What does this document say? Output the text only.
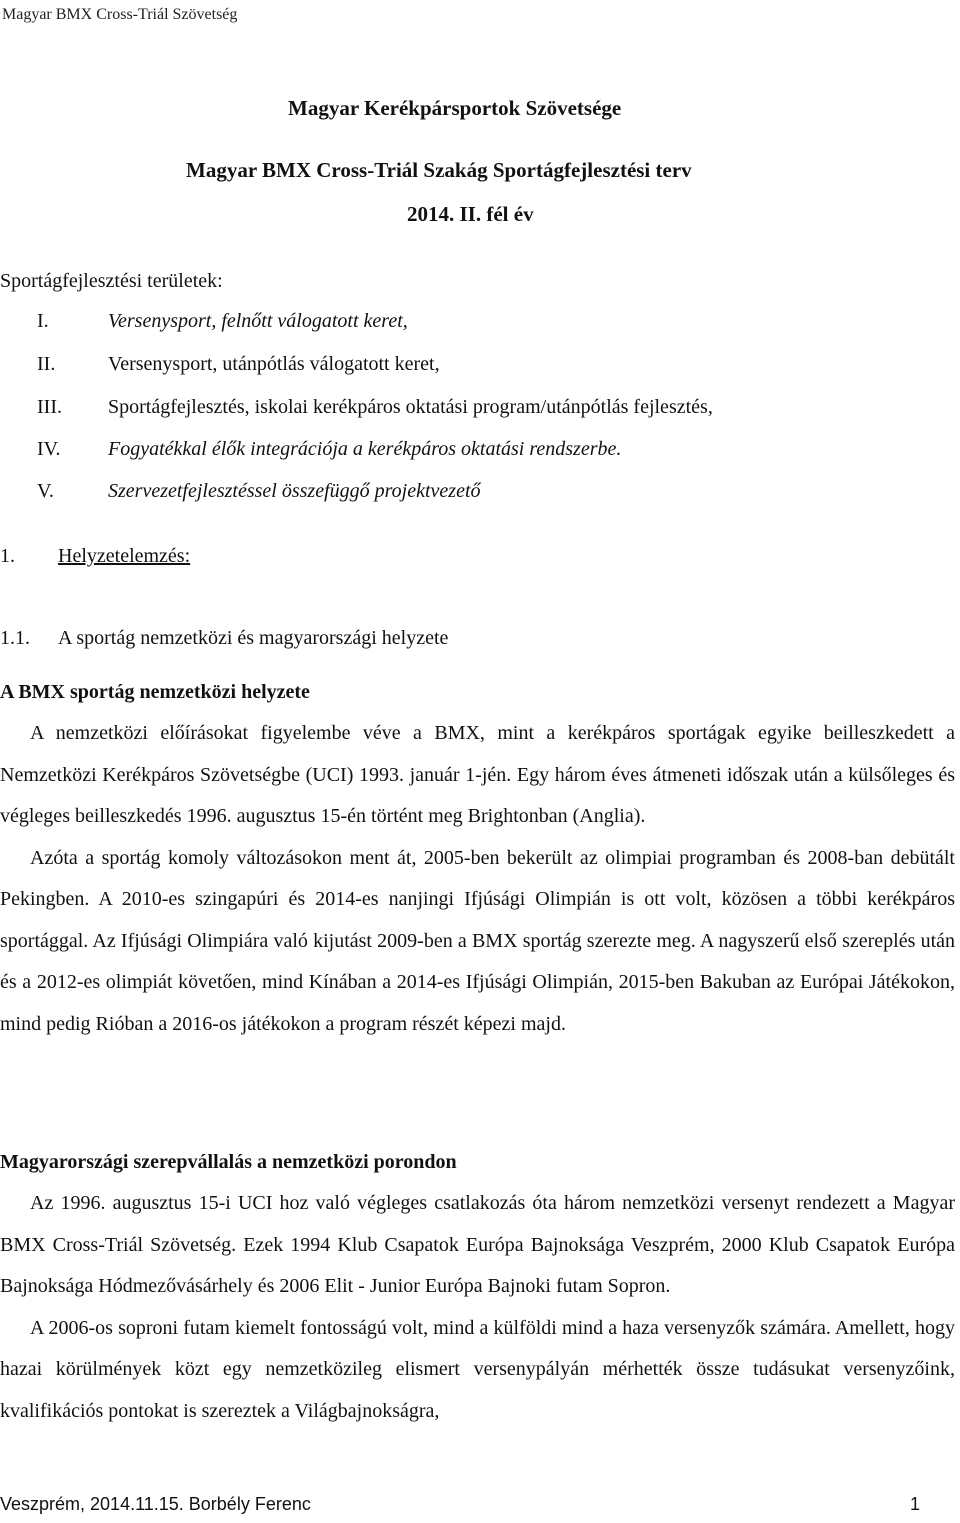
Magyar BMX Cross-Triál Szövetség
Magyar Kerékpársportok Szövetsége
Magyar BMX Cross-Triál Szakág Sportágfejlesztési terv
2014. II. fél év
Sportágfejlesztési területek:
I.	Versenysport, felnőtt válogatott keret,
II.	Versenysport, utánpótlás válogatott keret,
III. Sportágfejlesztés, iskolai kerékpáros oktatási program/utánpótlás fejlesztés,
IV. Fogyatékkal élők integrációja a kerékpáros oktatási rendszerbe.
V.	Szervezetfejlesztéssel összefüggő projektvezető
1. Helyzetelemzés:
1.1. A sportág nemzetközi és magyarországi helyzete
A BMX sportág nemzetközi helyzete

A nemzetközi előírásokat figyelembe véve a BMX, mint a kerékpáros sportágak egyike beilleszkedett a Nemzetközi Kerékpáros Szövetségbe (UCI) 1993. január 1-jén. Egy három éves átmeneti időszak után a külsőleges és végleges beilleszkedés 1996. augusztus 15-én történt meg Brightonban (Anglia).

Azóta a sportág komoly változásokon ment át, 2005-ben bekerült az olimpiai programban és 2008-ban debütált Pekingben. A 2010-es szingapúri és 2014-es nanjingi Ifjúsági Olimpián is ott volt, közösen a többi kerékpáros sportággal. Az Ifjúsági Olimpiára való kijutást 2009-ben a BMX sportág szerezte meg. A nagyszerű első szereplés után és a 2012-es olimpiát követően, mind Kínában a 2014-es Ifjúsági Olimpián, 2015-ben Bakuban az Európai Játékokon, mind pedig Rióban a 2016-os játékokon a program részét képezi majd.

Magyarországi szerepvállalás a nemzetközi porondon

Az 1996. augusztus 15-i UCI hoz való végleges csatlakozás óta három nemzetközi versenyt rendezett a Magyar BMX Cross-Triál Szövetség. Ezek 1994 Klub Csapatok Európa Bajnoksága Veszprém, 2000 Klub Csapatok Európa Bajnoksága Hódmezővásárhely és 2006 Elit - Junior Európa Bajnoki futam Sopron.

A 2006-os soproni futam kiemelt fontosságú volt, mind a külföldi mind a haza versenyzők számára. Amellett, hogy hazai körülmények közt egy nemzetközileg elismert versenypályán mérhették össze tudásukat versenyzőink, kvalifikációs pontokat is szereztek a Világbajnokságra,

Veszprém, 2014.11.15. Borbély Ferenc	1
